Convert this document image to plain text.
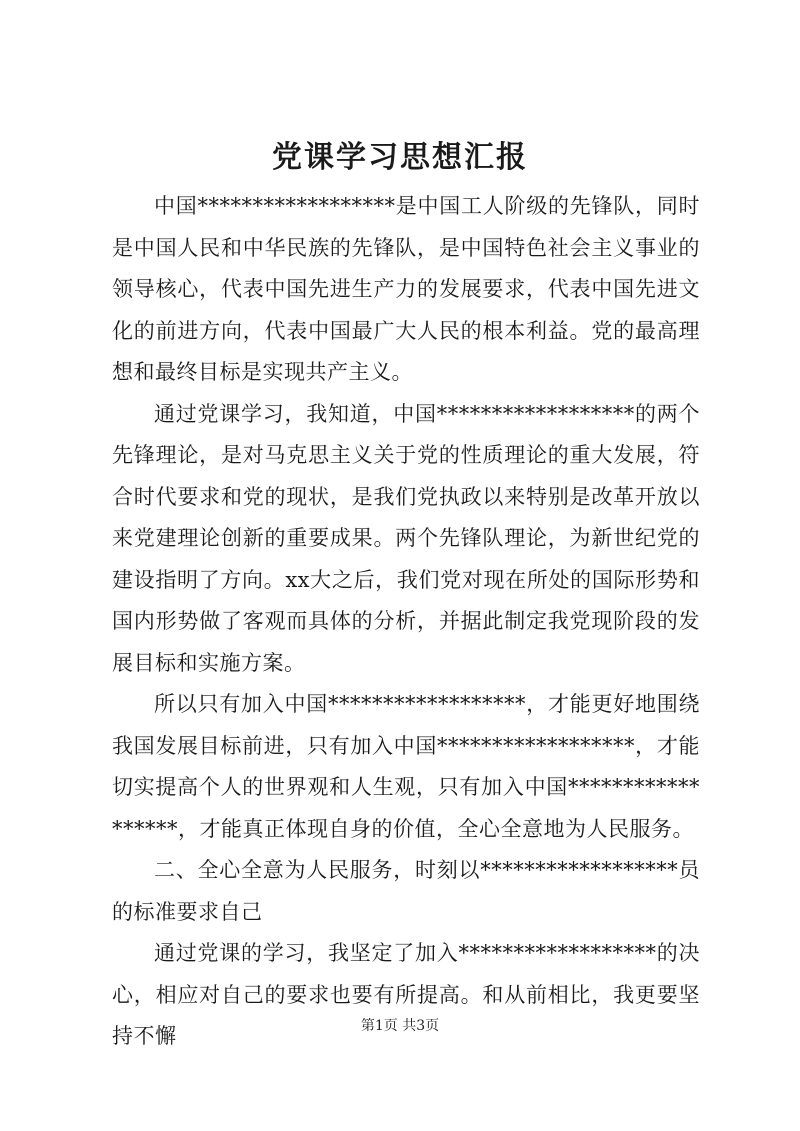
党课学习思想汇报

中国******************是中国工人阶级的先锋队，同时是中国人民和中华民族的先锋队，是中国特色社会主义事业的领导核心，代表中国先进生产力的发展要求，代表中国先进文化的前进方向，代表中国最广大人民的根本利益。党的最高理想和最终目标是实现共产主义。

通过党课学习，我知道，中国******************的两个先锋理论，是对马克思主义关于党的性质理论的重大发展，符合时代要求和党的现状，是我们党执政以来特别是改革开放以来党建理论创新的重要成果。两个先锋队理论，为新世纪党的建设指明了方向。xx大之后，我们党对现在所处的国际形势和国内形势做了客观而具体的分析，并据此制定我党现阶段的发展目标和实施方案。

所以只有加入中国******************，才能更好地围绕我国发展目标前进，只有加入中国******************，才能切实提高个人的世界观和人生观，只有加入中国******************，才能真正体现自身的价值，全心全意地为人民服务。

二、全心全意为人民服务，时刻以******************员的标准要求自己

通过党课的学习，我坚定了加入******************的决心，相应对自己的要求也要有所提高。和从前相比，我更要坚持不懈	第1页 共3页
